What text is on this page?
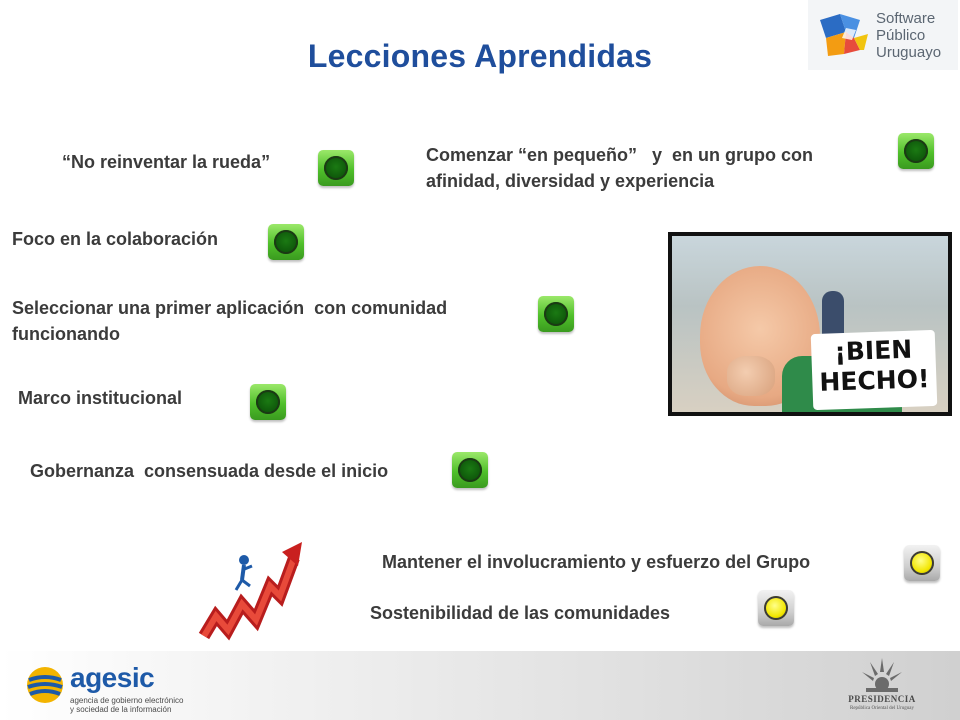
Lecciones Aprendidas
Software
Público
Uruguayo
“No reinventar la rueda”	Comenzar “en pequeño”   y  en un grupo con
afinidad, diversidad y experiencia
Foco en la colaboración
Seleccionar una primer aplicación  con comunidad
funcionando
Marco institucional
Gobernanza  consensuada desde el inicio
Mantener el involucramiento y esfuerzo del Grupo
Sostenibilidad de las comunidades
¡BIEN
HECHO!
agesic
agencia de gobierno electrónico
y sociedad de la información
PRESIDENCIA
República Oriental del Uruguay
